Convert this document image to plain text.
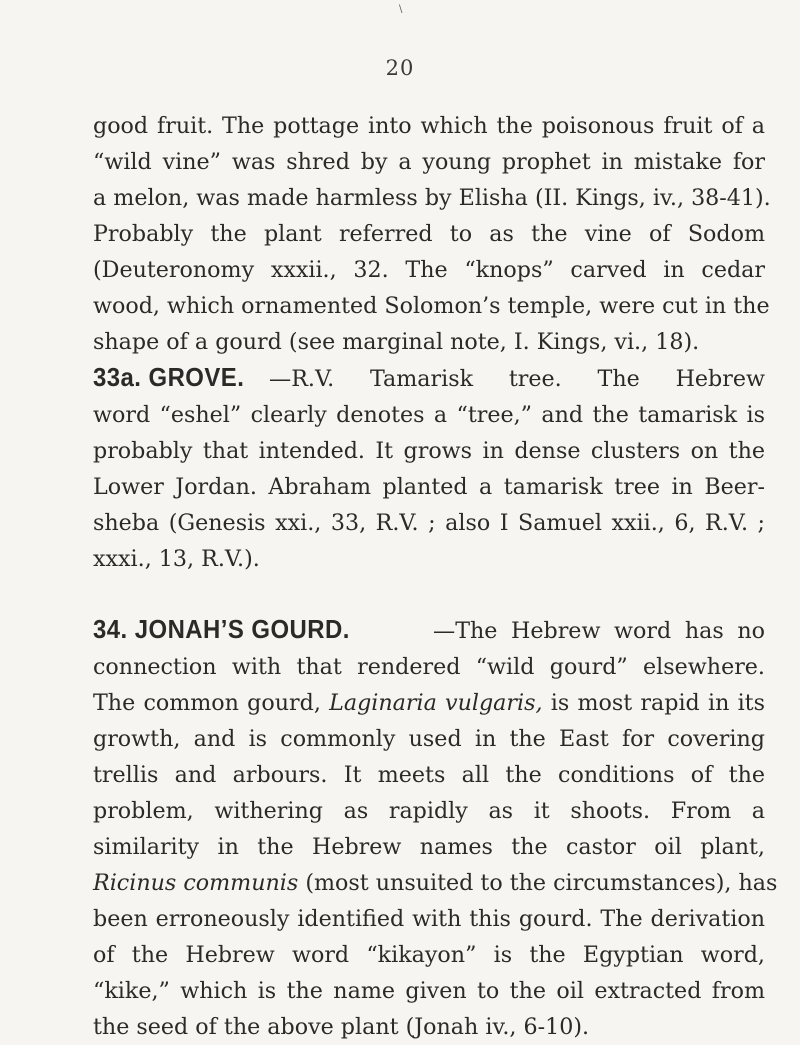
\
20
good fruit. The pottage into which the poisonous fruit of a
“wild vine” was shred by a young prophet in mistake for
a melon, was made harmless by Elisha (II. Kings, iv., 38-41).
Probably the plant referred to as the vine of Sodom
(Deuteronomy xxxii., 32. The “knops” carved in cedar
wood, which ornamented Solomon’s temple, were cut in the
shape of a gourd (see marginal note, I. Kings, vi., 18).
33a. GROVE. —R.V. Tamarisk tree. The Hebrew
word “eshel” clearly denotes a “tree,” and the tamarisk is
probably that intended. It grows in dense clusters on the
Lower Jordan. Abraham planted a tamarisk tree in Beer-
sheba (Genesis xxi., 33, R.V. ; also I Samuel xxii., 6, R.V. ;
xxxi., 13, R.V.).
34. JONAH’S GOURD.	—The Hebrew word has no
connection with that rendered “wild gourd” elsewhere.
The common gourd, Laginaria vulgaris, is most rapid in its
growth, and is commonly used in the East for covering
trellis and arbours. It meets all the conditions of the
problem, withering as rapidly as it shoots. From a
similarity in the Hebrew names the castor oil plant,
Ricinus communis (most unsuited to the circumstances), has
been erroneously identified with this gourd. The derivation
of the Hebrew word “kikayon” is the Egyptian word,
“kike,” which is the name given to the oil extracted from
the seed of the above plant (Jonah iv., 6-10).
